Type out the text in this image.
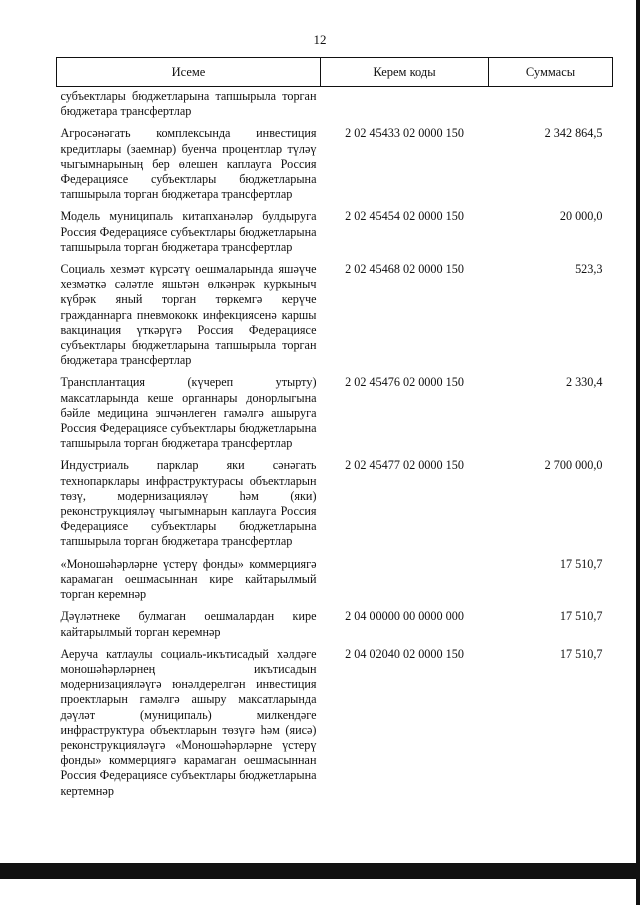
12
Исеме	Керем коды	Суммасы
субъектлары бюджетларына тапшырыла торган бюджетара трансфертлар		
Агросәнәгать комплексында инвестиция кредитлары (заемнар) буенча процентлар түләү чыгымнарының бер өлешен каплауга Россия Федерациясе субъектлары бюджетларына тапшырыла торган бюджетара трансфертлар	2 02 45433 02 0000 150	2 342 864,5
Модель муниципаль китапханәләр булдыруга Россия Федерациясе субъектлары бюджетларына тапшырыла торган бюджетара трансфертлар	2 02 45454 02 0000 150	20 000,0
Социаль хезмәт күрсәтү оешмаларында яшәүче хезмәткә сәләтле яшьтән өлкәнрәк куркыныч күбрәк яный торган төркемгә керүче гражданнарга пневмококк инфекциясенә каршы вакцинация үткәрүгә Россия Федерациясе субъектлары бюджетларына тапшырыла торган бюджетара трансфертлар	2 02 45468 02 0000 150	523,3
Трансплантация (күчереп утырту) максатларында кеше органнары донорлыгына бәйле медицина эшчәнлеген гамәлгә ашыруга Россия Федерациясе субъектлары бюджетларына тапшырыла торган бюджетара трансфертлар	2 02 45476 02 0000 150	2 330,4
Индустриаль парклар яки сәнәгать технопарклары инфраструктурасы объектларын төзү, модернизацияләү һәм (яки) реконструкцияләү чыгымнарын каплауга Россия Федерациясе субъектлары бюджетларына тапшырыла торган бюджетара трансфертлар	2 02 45477 02 0000 150	2 700 000,0
«Моношәһәрләрне үстерү фонды» коммерциягә карамаган оешмасыннан кире кайтарылмый торган керемнәр		17 510,7
Дәүләтнеке булмаган оешмалардан кире кайтарылмый торган керемнәр	2 04 00000 00 0000 000	17 510,7
Аеруча катлаулы социаль-икътисадый хәлдәге моношәһәрләрнең икътисадын модернизацияләүгә юнәлдерелгән инвестиция проектларын гамәлгә ашыру максатларында дәүләт (муниципаль) милкендәге инфраструктура объектларын төзүгә һәм (яисә) реконструкцияләүгә «Моношәһәрләрне үстерү фонды» коммерциягә карамаган оешмасыннан Россия Федерациясе субъектлары бюджетларына кертемнәр	2 04 02040 02 0000 150	17 510,7
